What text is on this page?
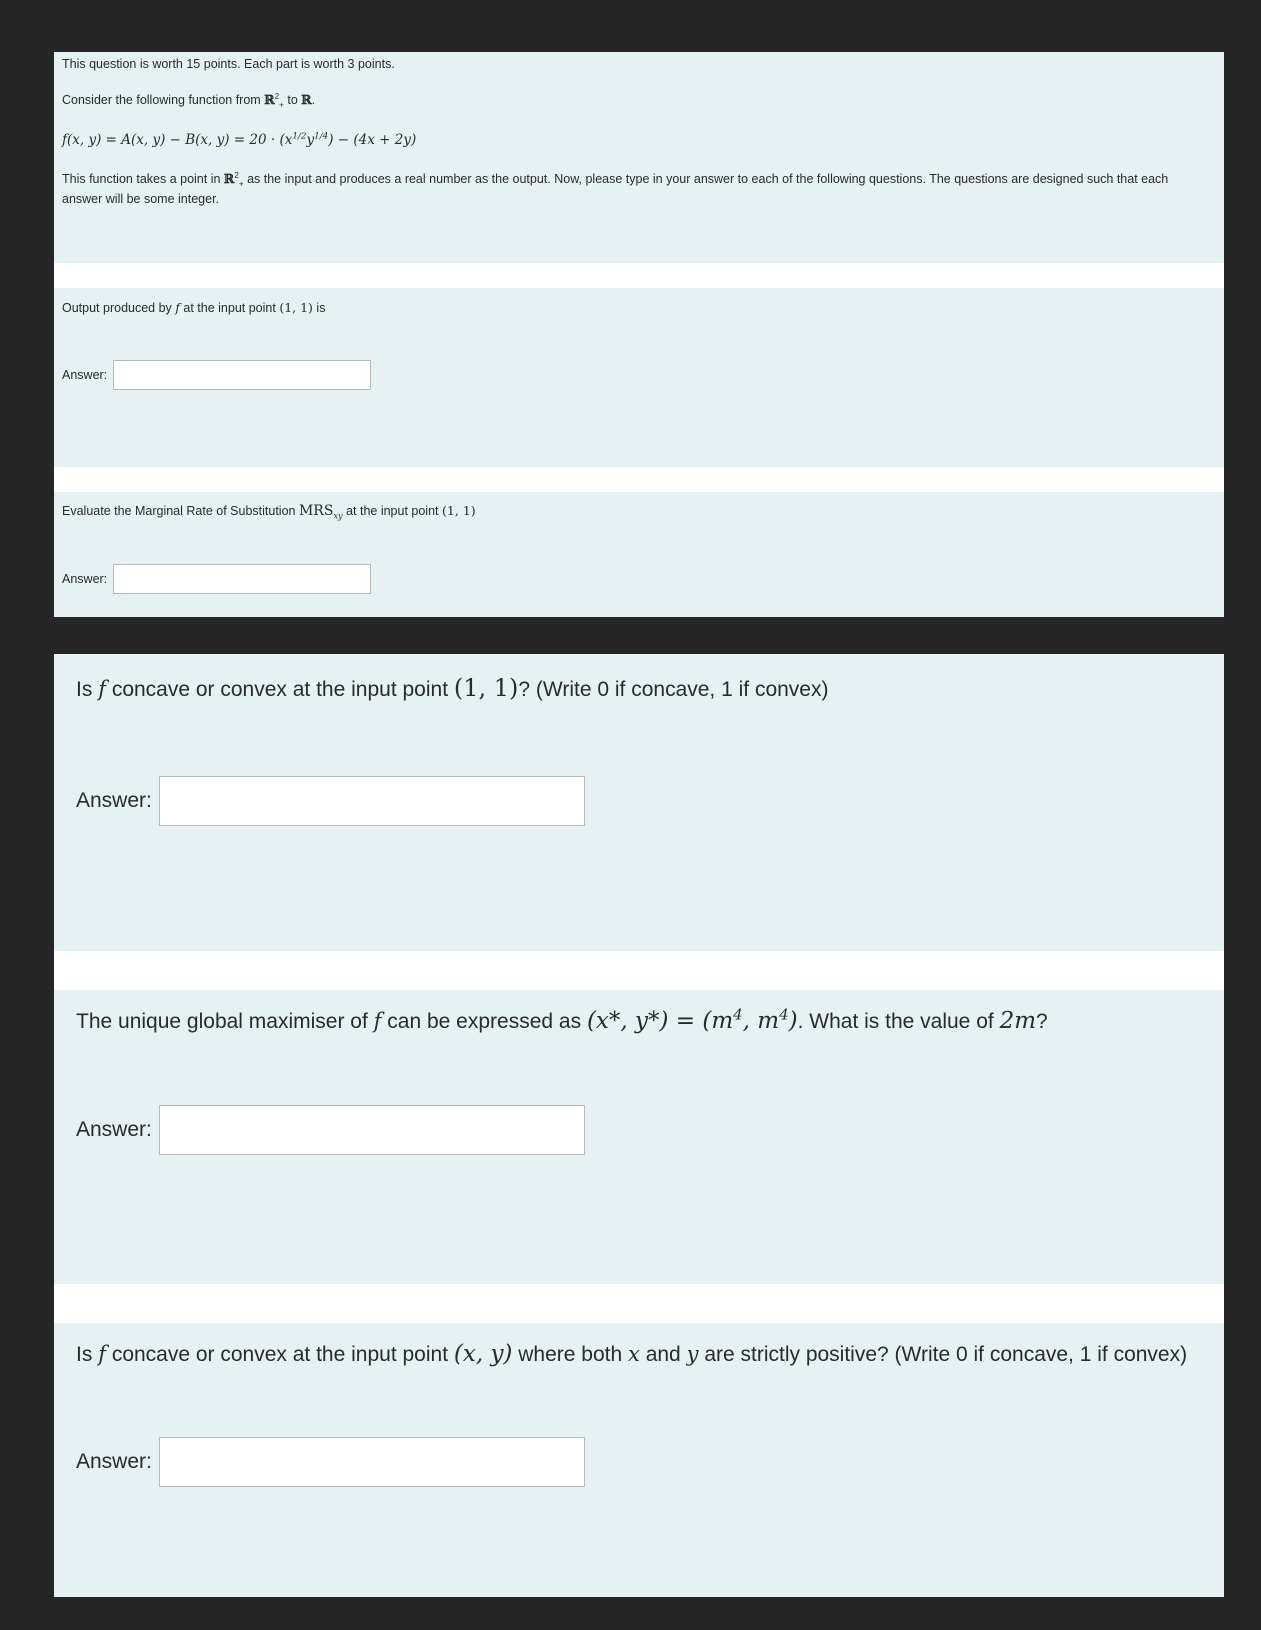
This question is worth 15 points. Each part is worth 3 points.
Consider the following function from ℝ$^2_+$ to ℝ.
f(x, y) = A(x, y) − B(x, $y) = 20 \cdot (x^{1/2}y^{1/4}) - (4x + 2y)$
This function takes a point in ℝ$^2_+$ as the input and produces a real number as the output. Now, please type in your answer to each of the following questions. The questions are designed such that each
answer will be some integer.
Output produced by f at the input point (1, 1) is
Answer:
Evaluate the Marginal Rate of Substitution $MRS_{xy}$ at the input point (1, 1)
Answer:
Is f concave or convex at the input point (1, 1)? (Write 0 if concave, 1 if convex)
Answer:
The unique global maximiser of f can be expressed as (x*, $y*) = (m^4$, $m^4$). What is the value of 2m?
Answer:
Is f concave or convex at the input point (x, y) where both x and y are strictly positive? (Write 0 if concave, 1 if convex)
Answer:
